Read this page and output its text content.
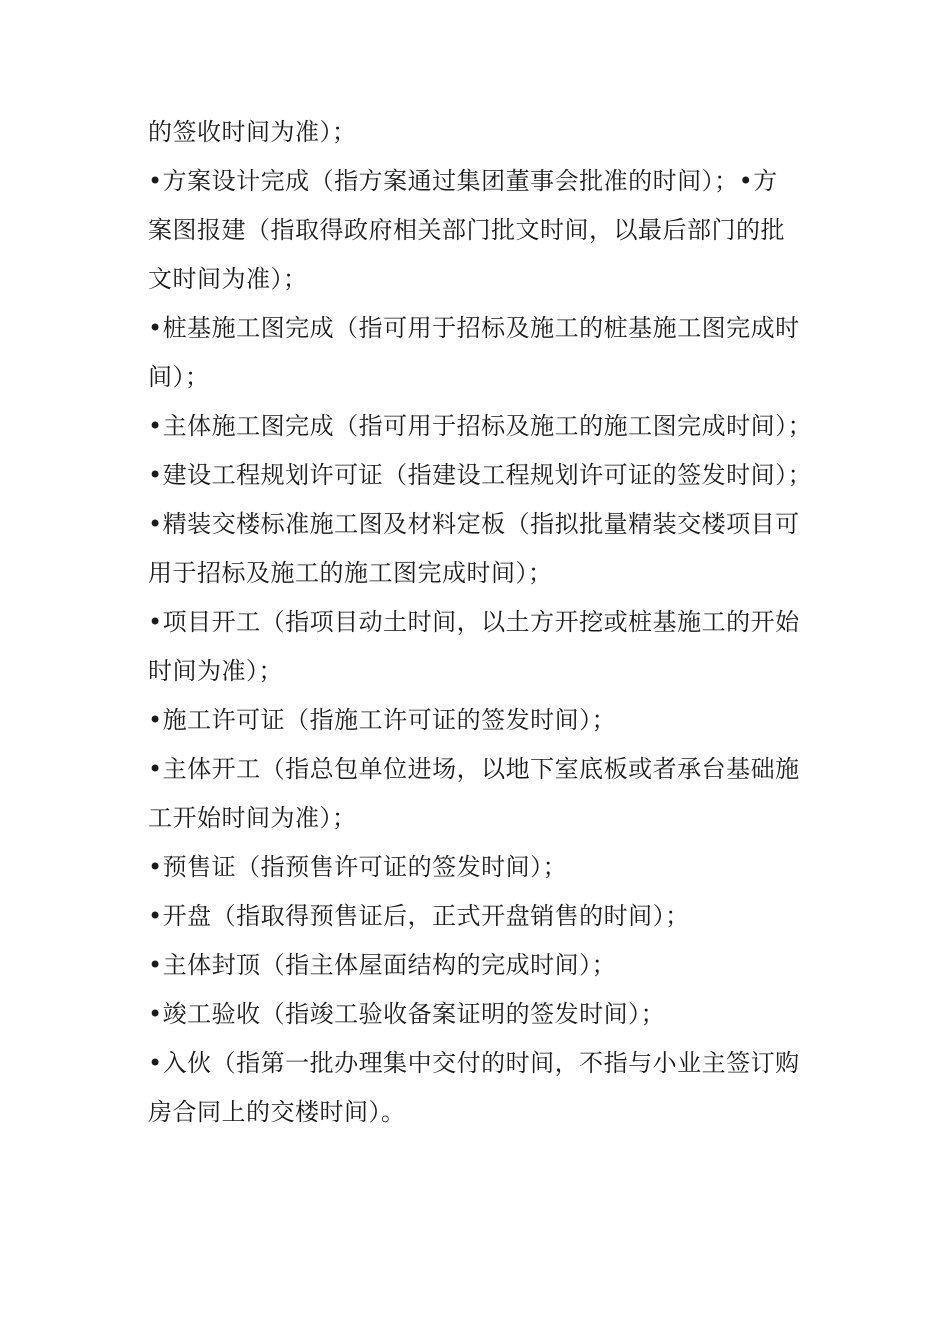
的签收时间为准）；
•方案设计完成（指方案通过集团董事会批准的时间）；•方
案图报建（指取得政府相关部门批文时间，以最后部门的批
文时间为准）；
•桩基施工图完成（指可用于招标及施工的桩基施工图完成时
间）；
•主体施工图完成（指可用于招标及施工的施工图完成时间）；
•建设工程规划许可证（指建设工程规划许可证的签发时间）；
•精装交楼标准施工图及材料定板（指拟批量精装交楼项目可
用于招标及施工的施工图完成时间）；
•项目开工（指项目动土时间，以土方开挖或桩基施工的开始
时间为准）；
•施工许可证（指施工许可证的签发时间）；
•主体开工（指总包单位进场，以地下室底板或者承台基础施
工开始时间为准）；
•预售证（指预售许可证的签发时间）；
•开盘（指取得预售证后，正式开盘销售的时间）；
•主体封顶（指主体屋面结构的完成时间）；
•竣工验收（指竣工验收备案证明的签发时间）；
•入伙（指第一批办理集中交付的时间，不指与小业主签订购
房合同上的交楼时间）。
